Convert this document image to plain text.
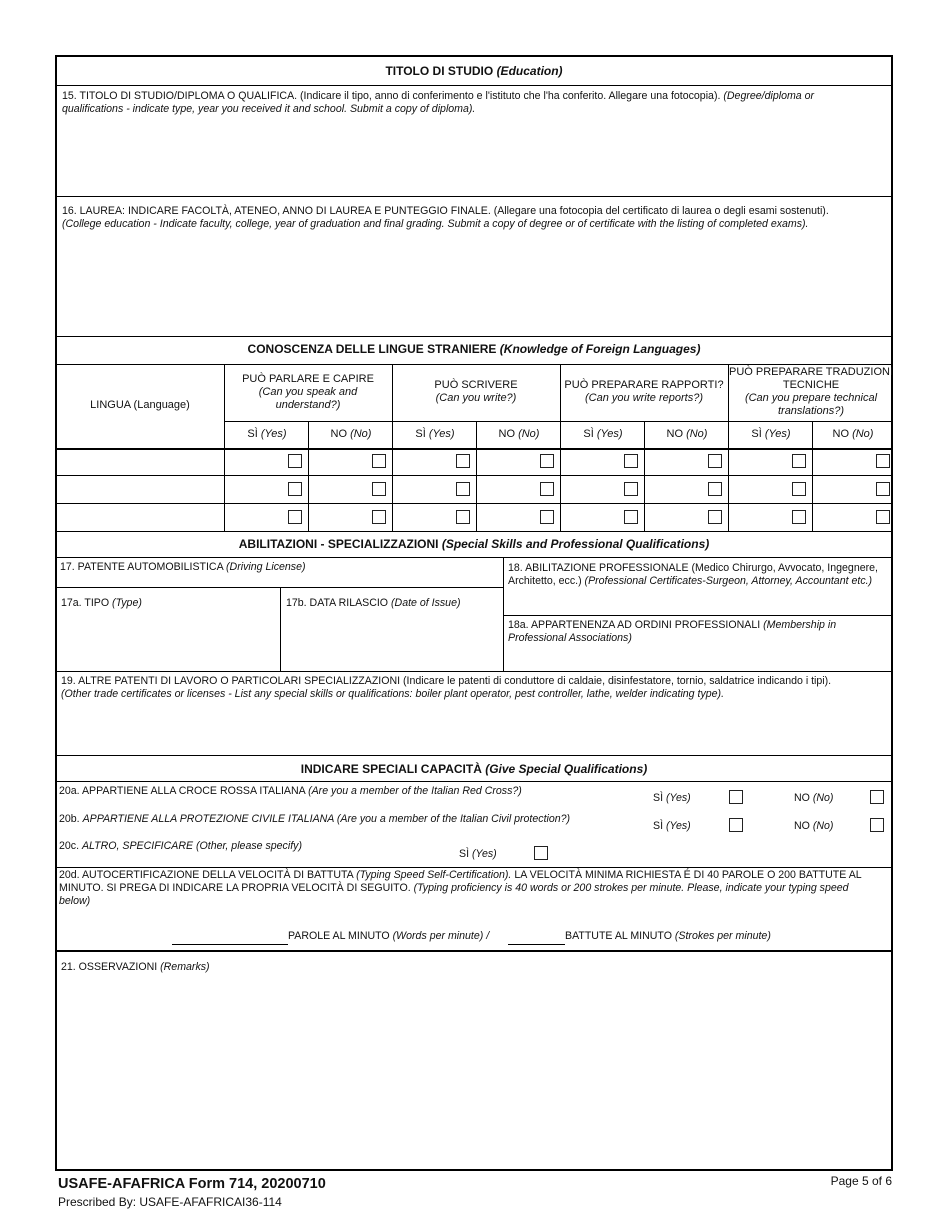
TITOLO DI STUDIO (Education)
15. TITOLO DI STUDIO/DIPLOMA O QUALIFICA. (Indicare il tipo, anno di conferimento e l'istituto che l'ha conferito. Allegare una fotocopia). (Degree/diploma or qualifications - indicate type, year you received it and school. Submit a copy of diploma).
16. LAUREA: INDICARE FACOLTÀ, ATENEO, ANNO DI LAUREA E PUNTEGGIO FINALE. (Allegare una fotocopia del certificato di laurea o degli esami sostenuti).
(College education - Indicate faculty, college, year of graduation and final grading. Submit a copy of degree or of certificate with the listing of completed exams).
CONOSCENZA DELLE LINGUE STRANIERE (Knowledge of Foreign Languages)
LINGUA (Language)
PUÒ PARLARE E CAPIRE
(Can you speak and understand?)
PUÒ SCRIVERE
(Can you write?)
PUÒ PREPARARE RAPPORTI?
(Can you write reports?)
PUÒ PREPARARE TRADUZIONI TECNICHE
(Can you prepare technical translations?)
SÌ (Yes)	NO (No)	SÌ (Yes)	NO (No)	SÌ (Yes)	NO (No)	SÌ (Yes)	NO (No)
ABILITAZIONI - SPECIALIZZAZIONI (Special Skills and Professional Qualifications)
17. PATENTE AUTOMOBILISTICA (Driving License)
17a. TIPO (Type)	17b. DATA RILASCIO (Date of Issue)
18. ABILITAZIONE PROFESSIONALE (Medico Chirurgo, Avvocato, Ingegnere, Architetto, ecc.) (Professional Certificates-Surgeon, Attorney, Accountant etc.)
18a. APPARTENENZA AD ORDINI PROFESSIONALI (Membership in Professional Associations)
19. ALTRE PATENTI DI LAVORO O PARTICOLARI SPECIALIZZAZIONI (Indicare le patenti di conduttore di caldaie, disinfestatore, tornio, saldatrice indicando i tipi).
(Other trade certificates or licenses - List any special skills or qualifications: boiler plant operator, pest controller, lathe, welder indicating type).
INDICARE SPECIALI CAPACITÀ (Give Special Qualifications)
20a. APPARTIENE ALLA CROCE ROSSA ITALIANA (Are you a member of the Italian Red Cross?)
SÌ (Yes)	NO (No)
20b. APPARTIENE ALLA PROTEZIONE CIVILE ITALIANA (Are you a member of the Italian Civil protection?)
SÌ (Yes)	NO (No)
20c. ALTRO, SPECIFICARE (Other, please specify)
SÌ (Yes)
20d. AUTOCERTIFICAZIONE DELLA VELOCITÀ DI BATTUTA (Typing Speed Self-Certification). LA VELOCITÀ MINIMA RICHIESTA É DI 40 PAROLE O 200 BATTUTE AL MINUTO. SI PREGA DI INDICARE LA PROPRIA VELOCITÀ DI SEGUITO. (Typing proficiency is 40 words or 200 strokes per minute. Please, indicate your typing speed below)
PAROLE AL MINUTO (Words per minute) /	BATTUTE AL MINUTO (Strokes per minute)
21. OSSERVAZIONI (Remarks)
USAFE-AFAFRICA Form 714, 20200710
Prescribed By: USAFE-AFAFRICAI36-114
Page 5 of 6
